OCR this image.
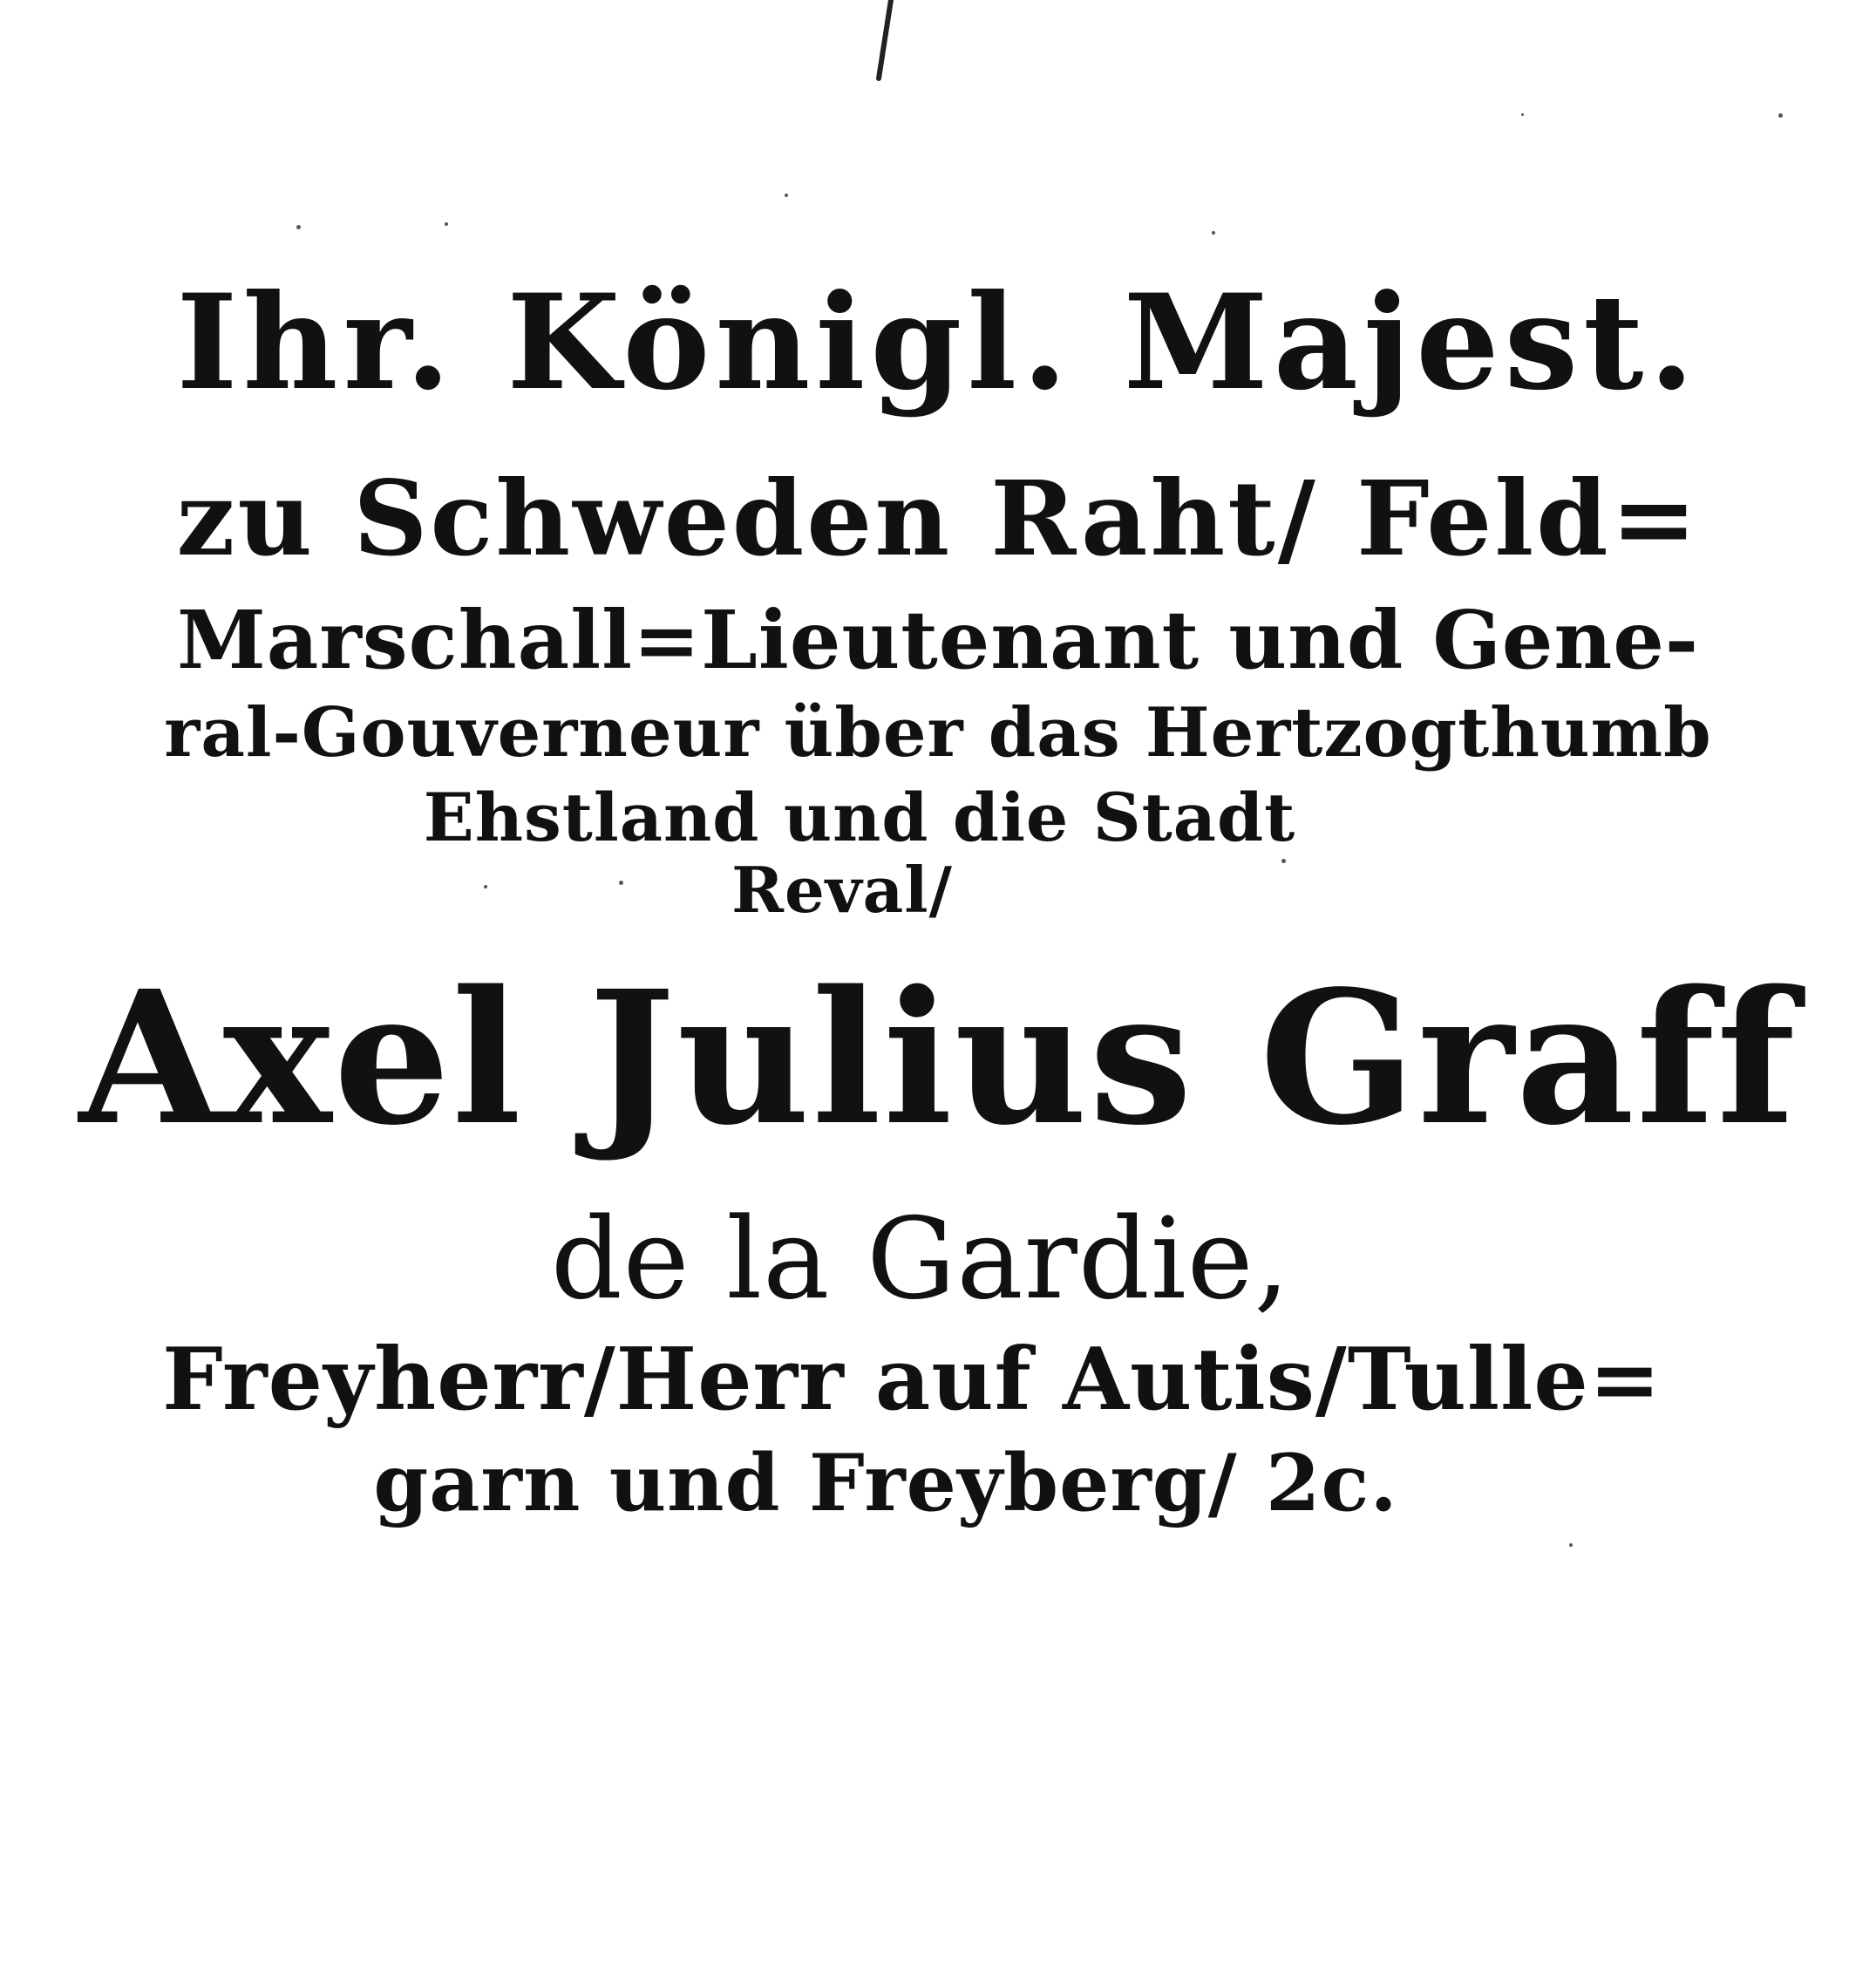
Ihr. Königl. Majest.
zu Schweden Raht/ Feld=
Marschall=Lieutenant und Gene-
ral-Gouverneur über das Hertzogthumb
Ehstland und die Stadt
Reval/
Axel Julius Graff
de la Gardie,
Freyherr/Herr auf Autis/Tulle=
garn und Freyberg/ 2c.
